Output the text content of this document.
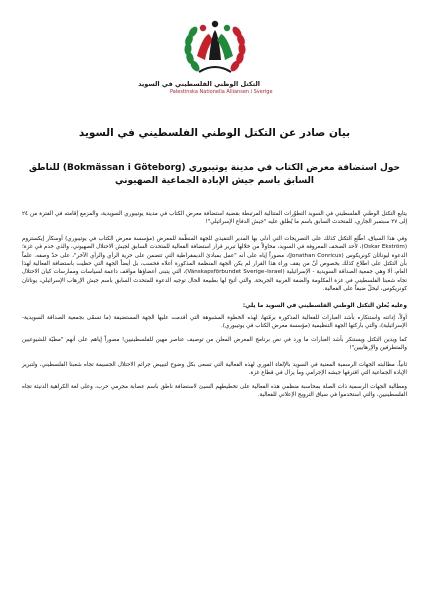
التكتل الوطني الفلسطيني في السويد
Palestinska Nationella Alliansen i Sverige
بيان صادر عن التكتل الوطني الفلسطيني في السويد
حول استضافة معرض الكتاب في مدينة يوتيبوري (Bokmässan i Göteborg) للناطق السابق باسم جيش الإبادة الجماعية الصهيوني

يتابع التكتل الوطني الفلسطيني في السويد التطوّرات المتتالية المرتبطة بقضية استضافة معرض الكتاب في مدينة يوتيبوري السويدية، والمزمع إقامته في الفترة من ٢٤ إلى ٢٧ سبتمبر الجاري، للمتحدث السابق باسم ما يُطلق عليه "جيش الدفاع الإسرائيلي"!

وفي هذا السياق، اطّلع التكتل كذلك على التصريحات التي أدلى بها المدير التنفيذي للجهة المنظّمة للمعرض (مؤسسة معرض الكتاب في يوتيبوري) أوسكار إيكستروم (Oskar Ekström)، لأحد الصحف المعروفة في السويد، محاولاً من خلالها تبرير قرار استضافة الفعالية للمتحدث السابق لجيش الاحتلال الصهيوني، والذي خدم في غزة؛ الدعوة ليوناثان كونريكوس (Jonathan Conricus)، مصوراً إياه على أنه "عمل بمبادئ الديمقراطية التي تتضمن على حرية الرأي والرأي الآخر"، على حدّ وصفه. علماً بأن التكتل على اطلاع كذلك بخصوص أنّ من يقف وراء هذا القرار لم يكن الجهة المنظمة المذكورة أعلاه فحسب، بل أيضاً الجهة التي حظيت باستضافة الفعالية لهذا العام، ألا وهي جمعية الصداقة السويدية - الإسرائيلية (Vänskapsförbundet Sverige–Israel)، التي يتبنى أعضاؤها مواقف داعمة لسياسات وممارسات كيان الاحتلال تجاه شعبنا الفلسطيني في غزة المكلومة والضفة الغربية الجريحة. والتي أتيح لها بطبيعة الحال توجيه الدعوة للمتحدث السابق باسم جيش الإرهاب الإسرائيلي، يوناتان كونريكوس، ليحلّ ضيفاً على الفعالية.

وعليه يُعلن التكتل الوطني الفلسطيني في السويد ما يلي:

أولاً، إدانته واستنكاره بأشد العبارات للفعالية المذكورة برمّتها، لهذه الخطوة المشبوهة التي أقدمت عليها الجهة المستضيفة (ما تسمّى بجمعية الصداقة السويدية-الإسرائيلية)، والتي باركتها الجهة التنظيمية (مؤسسة معرض الكتاب في يوتيبوري).

كما ويدين التكتل ويستنكر بأشد العبارات ما ورد في نص برنامج المعرض المعلن من توصيف عناصر مهين للفلسطينيين! مصوراً إياهم على أنهم "مطيّة للشيوعيين والمتطرفين والإرهابيين"!

ثانياً، مطالبته الجهات الرسمية المعنية في السويد بالإلغاء الفوري لهذه الفعالية التي تسعى بكل وضوح لتبييض جرائم الاحتلال الجسيمة تجاه شعبنا الفلسطيني، ولتبرير الإبادة الجماعية التي اقترفها جيشه الإجرامي وما يزال في قطاع غزة.

ومطالبة الجهات الرسمية ذات الصلة بمحاسبة منظمي هذه الفعالية على تخطيطهم السيئ لاستضافة ناطق باسم عصابة مجرمي حرب، وعلى لغة الكراهية الدنيئة تجاه الفلسطينيين، والتي استخدموا في سياق الترويج الإعلاني للفعالية.
